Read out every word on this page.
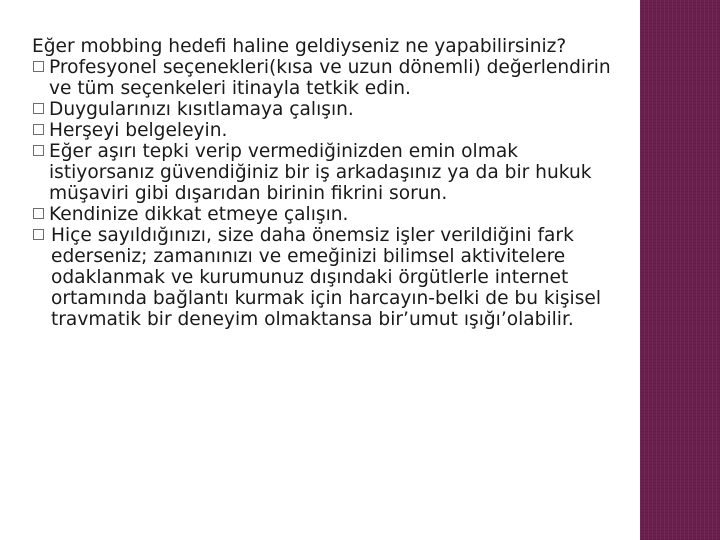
Eğer mobbing hedefi haline geldiyseniz ne yapabilirsiniz?

Profesyonel seçenekleri(kısa ve uzun dönemli) değerlendirin ve tüm seçenkeleri itinayla tetkik edin.
Duygularınızı kısıtlamaya çalışın.
Herşeyi belgeleyin.
Eğer aşırı tepki verip vermediğinizden emin olmak istiyorsanız güvendiğiniz bir iş arkadaşınız ya da bir hukuk müşaviri gibi dışarıdan birinin fikrini sorun.
Kendinize dikkat etmeye çalışın.
Hiçe sayıldığınızı, size daha önemsiz işler verildiğini fark ederseniz; zamanınızı ve emeğinizi bilimsel aktivitelere odaklanmak ve kurumunuz dışındaki örgütlerle internet ortamında bağlantı kurmak için harcayın-belki de bu kişisel travmatik bir deneyim olmaktansa bir’umut ışığı’olabilir.
